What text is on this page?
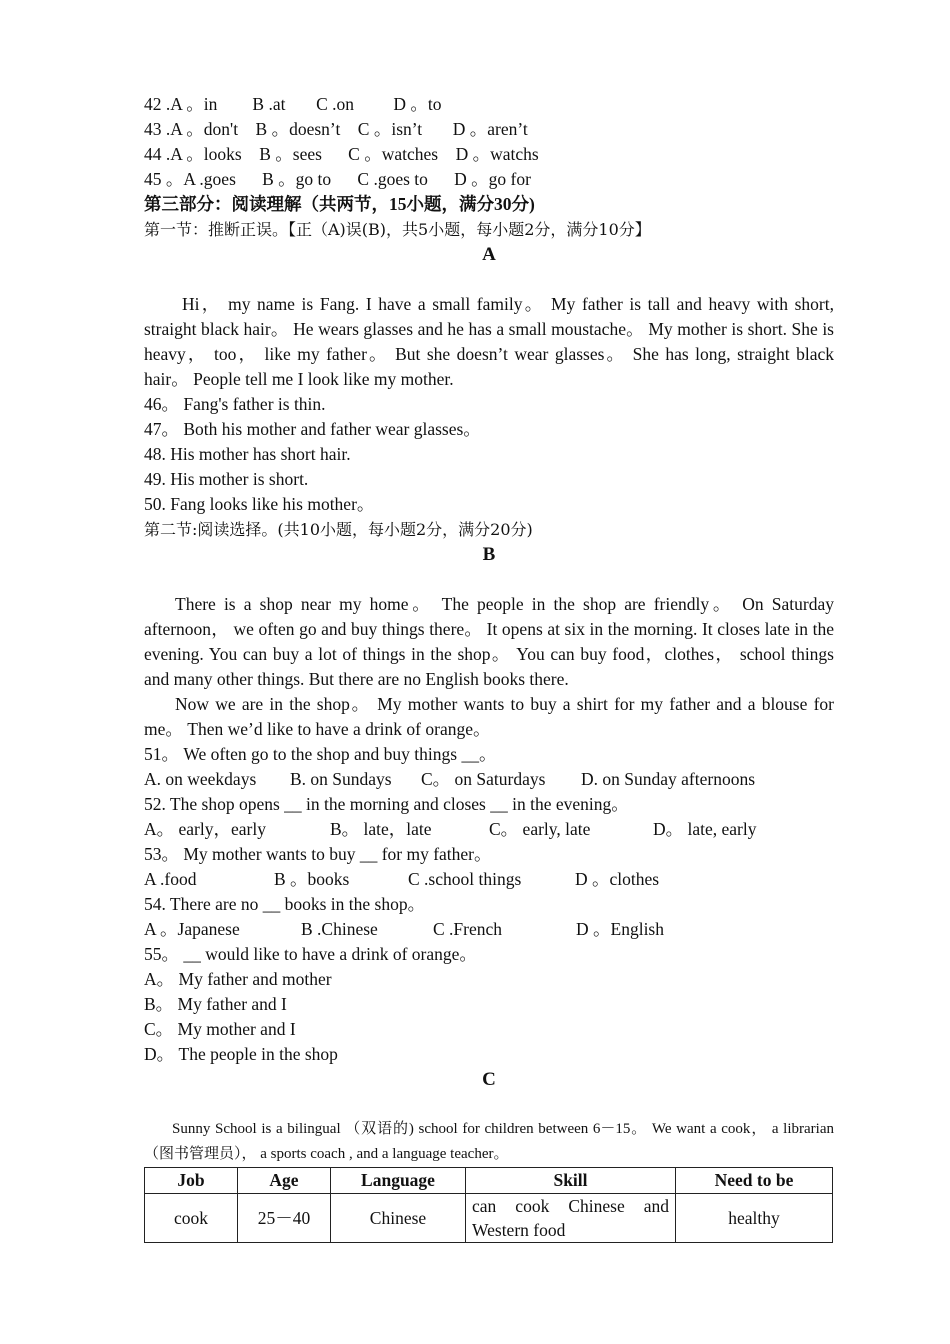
42 .A 。in        B .at       C .on         D 。to
43 .A 。don't    B 。doesn’t    C 。isn’t       D 。aren’t
44 .A 。looks    B 。sees      C 。watches    D 。watchs
45 。A .goes      B 。go to      C .goes to      D 。go for
第三部分：阅读理解（共两节，15小题，满分30分)
第一节：推断正误。【正（A)误(B)，共5小题，每小题2分，满分10分】
A

Hi， my name is Fang. I have a small family。 My father is tall and heavy with short, straight black hair。 He wears glasses and he has a small moustache。 My mother is short. She is heavy， too， like my father。 But she doesn’t wear glasses。 She has long, straight black hair。 People tell me I look like my mother.

46。 Fang's father is thin.
47。 Both his mother and father wear glasses。
48. His mother has short hair.
49. His mother is short.
50. Fang looks like his mother。
第二节:阅读选择。(共10小题，每小题2分，满分20分)
B

There is a shop near my home。 The people in the shop are friendly。 On Saturday afternoon， we often go and buy things there。 It opens at six in the morning. It closes late in the evening. You can buy a lot of things in the shop。 You can buy food，clothes， school things and many other things. But there are no English books there.

Now we are in the shop。 My mother wants to buy a shirt for my father and a blouse for me。 Then we’d like to have a drink of orange。

51。 We often go to the shop and buy things __。
A. on weekdays	B. on Sundays	C。 on Saturdays	D. on Sunday afternoons
52. The shop opens __ in the morning and closes __ in the evening。
A。 early，early	B。 late，late	C。 early, late	D。 late, early
53。 My mother wants to buy __ for my father。
A .food	B 。books	C .school things	D 。clothes
54. There are no __ books in the shop。
A 。Japanese	B .Chinese	C .French	D 。English
55。 __ would like to have a drink of orange。
A。 My father and mother
B。 My father and I
C。 My mother and I
D。 The people in the shop
C

Sunny School is a bilingual （双语的) school for children between 6－15。 We want a cook， a librarian （图书管理员）， a sports coach , and a language teacher。

Job	Age	Language	Skill	Need to be
cook	25－40	Chinese	can cook Chinese and Western food	healthy
